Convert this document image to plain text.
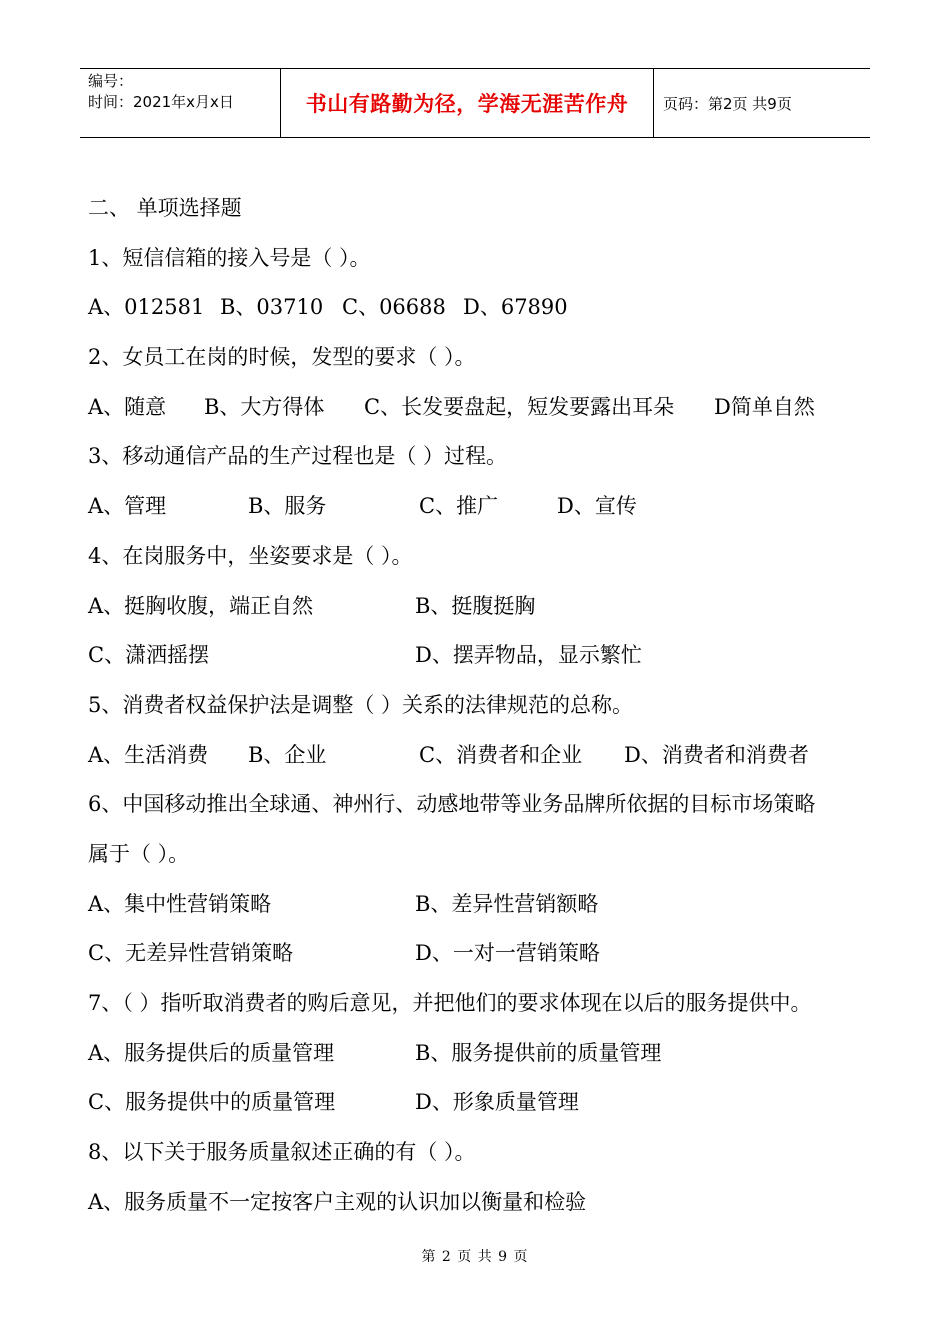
编号：
时间：2021年x月x日	书山有路勤为径，学海无涯苦作舟	页码：第2页 共9页
二、 单项选择题
1、短信信箱的接入号是（ ）。
A、012581 B、03710 C、06688 D、67890
2、女员工在岗的时候，发型的要求（ ）。
A、随意 B、大方得体 C、长发要盘起，短发要露出耳朵 D简单自然
3、移动通信产品的生产过程也是（ ）过程。
A、管理	B、服务	C、推广	D、宣传
4、在岗服务中，坐姿要求是（ ）。
A、挺胸收腹，端正自然	B、挺腹挺胸
C、潇洒摇摆	D、摆弄物品，显示繁忙
5、消费者权益保护法是调整（ ）关系的法律规范的总称。
A、生活消费 B、企业	C、消费者和企业 D、消费者和消费者
6、中国移动推出全球通、神州行、动感地带等业务品牌所依据的目标市场策略
属于（ ）。
A、集中性营销策略	B、差异性营销额略
C、无差异性营销策略	D、一对一营销策略
7、（ ）指听取消费者的购后意见，并把他们的要求体现在以后的服务提供中。
A、服务提供后的质量管理	B、服务提供前的质量管理
C、服务提供中的质量管理	D、形象质量管理
8、以下关于服务质量叙述正确的有（ ）。
A、服务质量不一定按客户主观的认识加以衡量和检验
第 2 页 共 9 页
